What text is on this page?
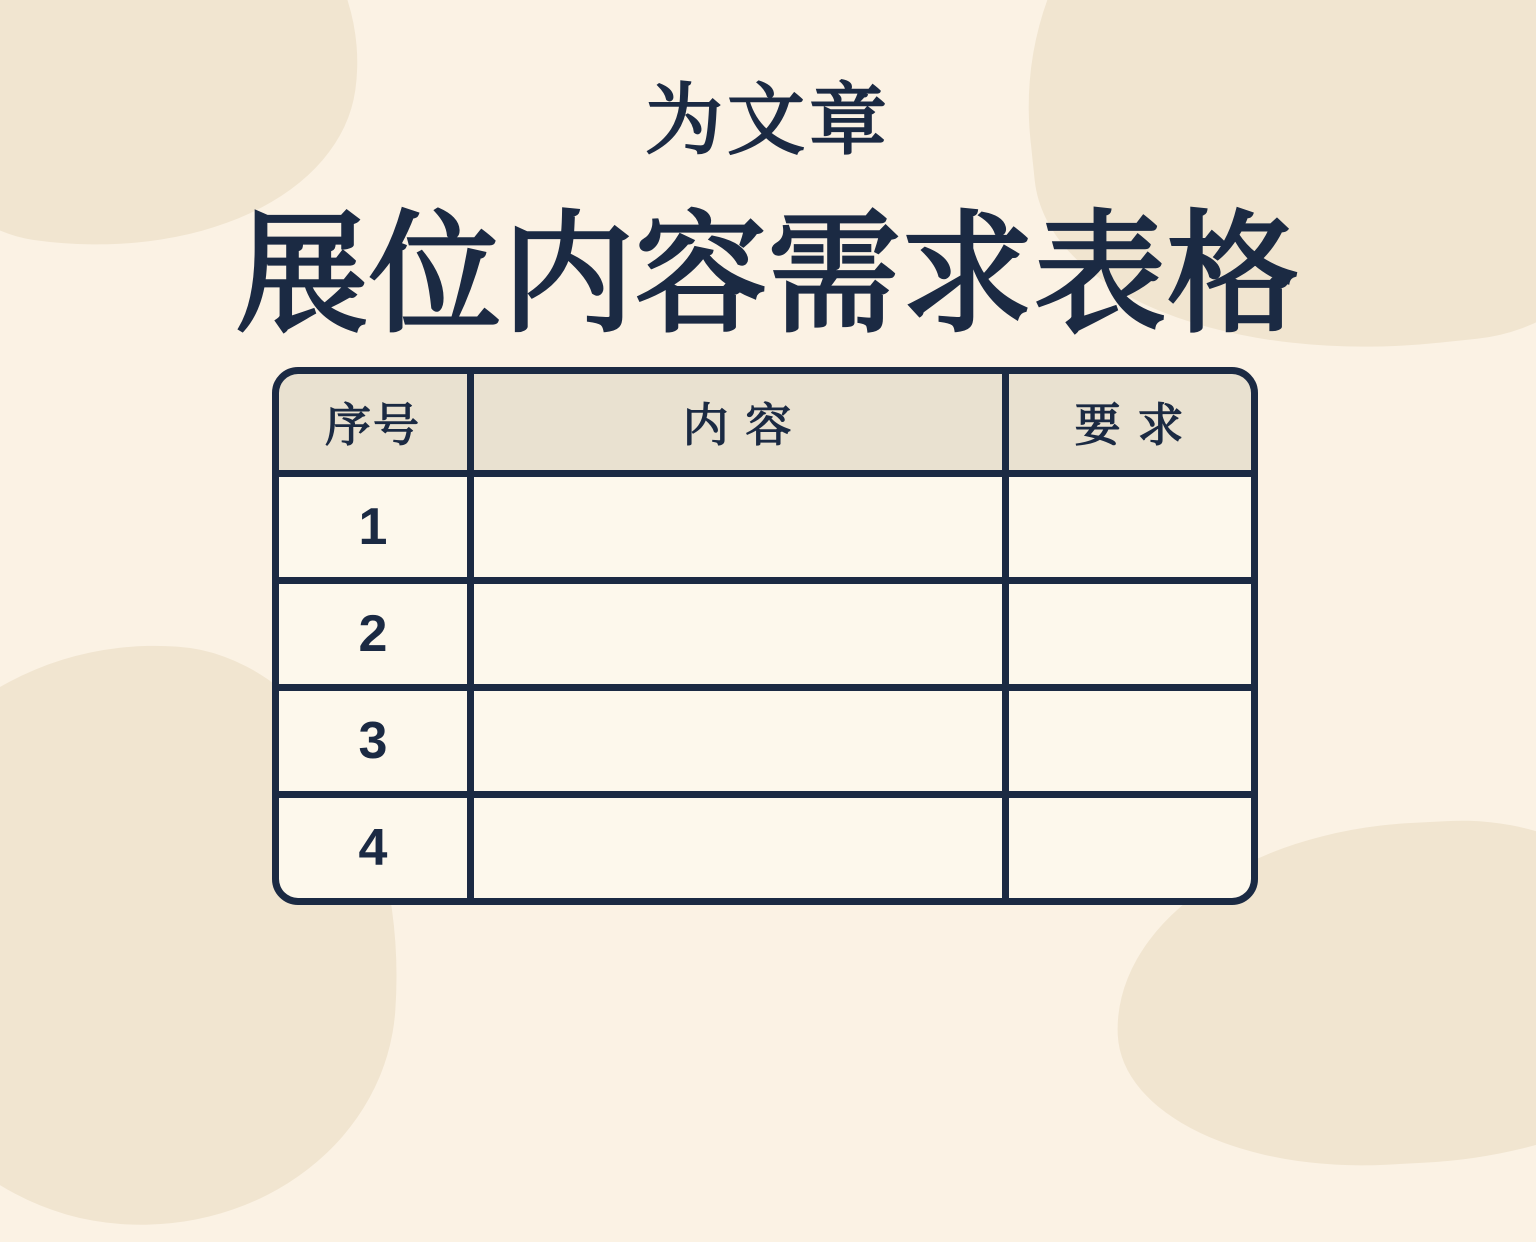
为文章
展位内容需求表格
序号	内 容	要 求
1
2
3
4
